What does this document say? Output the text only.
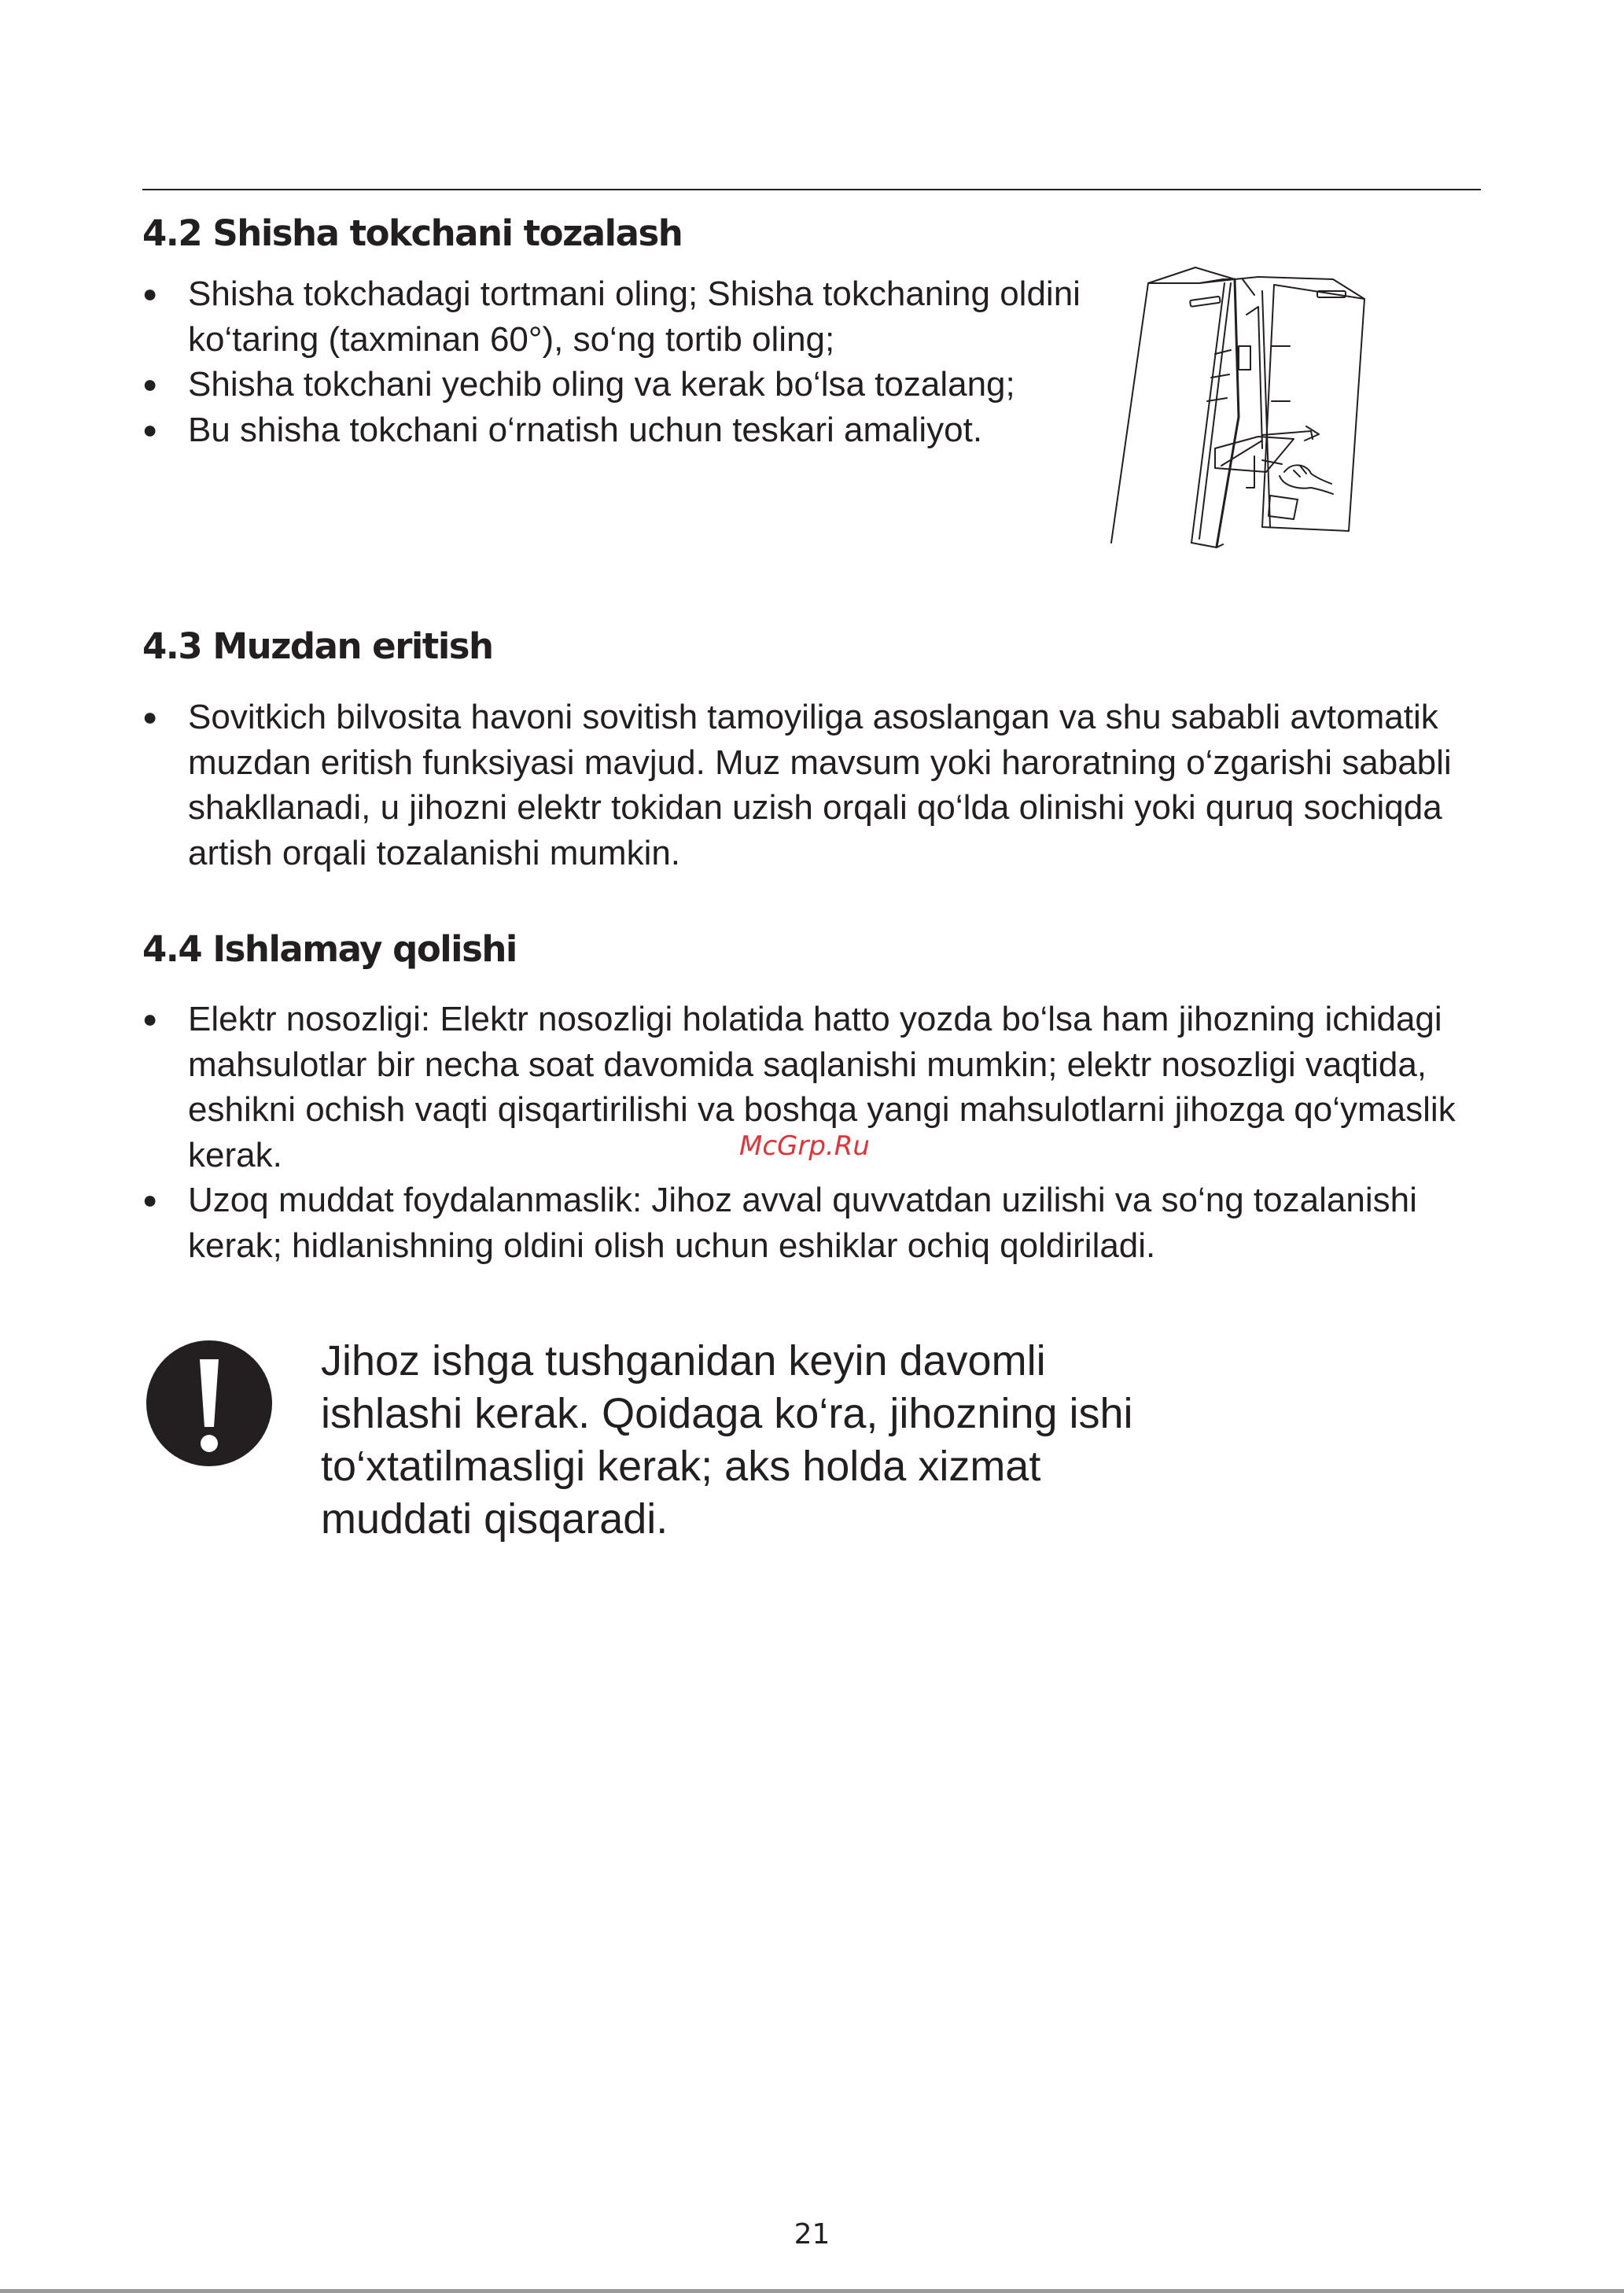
4.2 Shisha tokchani tozalash
● Shisha tokchadagi tortmani oling; Shisha tokchaning oldini ko‘taring (taxminan 60°), so‘ng tortib oling;
● Shisha tokchani yechib oling va kerak bo‘lsa tozalang;
● Bu shisha tokchani o‘rnatish uchun teskari amaliyot.
4.3 Muzdan eritish
● Sovitkich bilvosita havoni sovitish tamoyiliga asoslangan va shu sababli avtomatik muzdan eritish funksiyasi mavjud. Muz mavsum yoki haroratning o‘zgarishi sababli shakllanadi, u jihozni elektr tokidan uzish orqali qo‘lda olinishi yoki quruq sochiqda artish orqali tozalanishi mumkin.
4.4 Ishlamay qolishi
● Elektr nosozligi: Elektr nosozligi holatida hatto yozda bo‘lsa ham jihozning ichidagi mahsulotlar bir necha soat davomida saqlanishi mumkin; elektr nosozligi vaqtida, eshikni ochish vaqti qisqartirilishi va boshqa yangi mahsulotlarni jihozga qo‘ymaslik kerak.
● Uzoq muddat foydalanmaslik: Jihoz avval quvvatdan uzilishi va so‘ng tozalanishi kerak; hidlanishning oldini olish uchun eshiklar ochiq qoldiriladi.

Jihoz ishga tushganidan keyin davomli ishlashi kerak. Qoidaga ko‘ra, jihozning ishi to‘xtatilmasligi kerak; aks holda xizmat muddati qisqaradi.

McGrp.Ru
21
